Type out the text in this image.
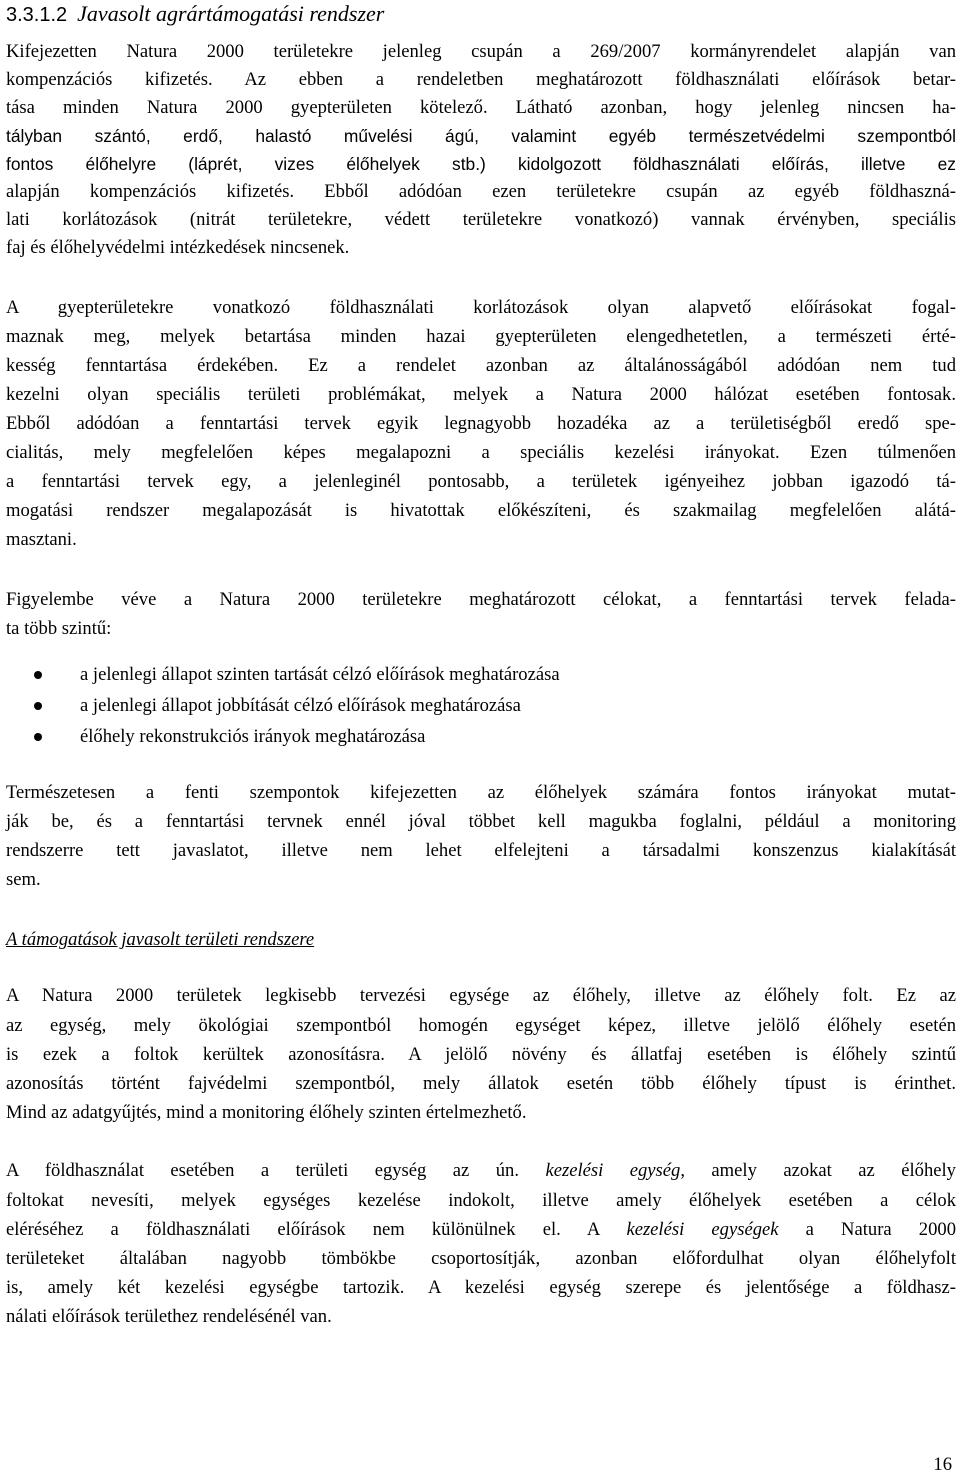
3.3.1.2 Javasolt agrártámogatási rendszer
Kifejezetten Natura 2000 területekre jelenleg csupán a 269/2007 kormányrendelet alapján van
kompenzációs kifizetés. Az ebben a rendeletben meghatározott földhasználati előírások betar-
tása minden Natura 2000 gyepterületen kötelező. Látható azonban, hogy jelenleg nincsen ha-
tályban szántó, erdő, halastó művelési ágú, valamint egyéb természetvédelmi szempontból
fontos élőhelyre (láprét, vizes élőhelyek stb.) kidolgozott földhasználati előírás, illetve ez
alapján kompenzációs kifizetés. Ebből adódóan ezen területekre csupán az egyéb földhaszná-
lati korlátozások (nitrát területekre, védett területekre vonatkozó) vannak érvényben, speciális
faj és élőhelyvédelmi intézkedések nincsenek.
A gyepterületekre vonatkozó földhasználati korlátozások olyan alapvető előírásokat fogal-
maznak meg, melyek betartása minden hazai gyepterületen elengedhetetlen, a természeti érté-
kesség fenntartása érdekében. Ez a rendelet azonban az általánosságából adódóan nem tud
kezelni olyan speciális területi problémákat, melyek a Natura 2000 hálózat esetében fontosak.
Ebből adódóan a fenntartási tervek egyik legnagyobb hozadéka az a területiségből eredő spe-
cialitás, mely megfelelően képes megalapozni a speciális kezelési irányokat. Ezen túlmenően
a fenntartási tervek egy, a jelenleginél pontosabb, a területek igényeihez jobban igazodó tá-
mogatási rendszer megalapozását is hivatottak előkészíteni, és szakmailag megfelelően alátá-
masztani.
Figyelembe véve a Natura 2000 területekre meghatározott célokat, a fenntartási tervek felada-
ta több szintű:
a jelenlegi állapot szinten tartását célzó előírások meghatározása
a jelenlegi állapot jobbítását célzó előírások meghatározása
élőhely rekonstrukciós irányok meghatározása
Természetesen a fenti szempontok kifejezetten az élőhelyek számára fontos irányokat mutat-
ják be, és a fenntartási tervnek ennél jóval többet kell magukba foglalni, például a monitoring
rendszerre tett javaslatot, illetve nem lehet elfelejteni a társadalmi konszenzus kialakítását
sem.
A támogatások javasolt területi rendszere
A Natura 2000 területek legkisebb tervezési egysége az élőhely, illetve az élőhely folt. Ez az
az egység, mely ökológiai szempontból homogén egységet képez, illetve jelölő élőhely esetén
is ezek a foltok kerültek azonosításra. A jelölő növény és állatfaj esetében is élőhely szintű
azonosítás történt fajvédelmi szempontból, mely állatok esetén több élőhely típust is érinthet.
Mind az adatgyűjtés, mind a monitoring élőhely szinten értelmezhető.
A földhasználat esetében a területi egység az ún. kezelési egység, amely azokat az élőhely
foltokat nevesíti, melyek egységes kezelése indokolt, illetve amely élőhelyek esetében a célok
eléréséhez a földhasználati előírások nem különülnek el. A kezelési egységek a Natura 2000
területeket általában nagyobb tömbökbe csoportosítják, azonban előfordulhat olyan élőhelyfolt
is, amely két kezelési egységbe tartozik. A kezelési egység szerepe és jelentősége a földhasz-
nálati előírások területhez rendelésénél van.
16
